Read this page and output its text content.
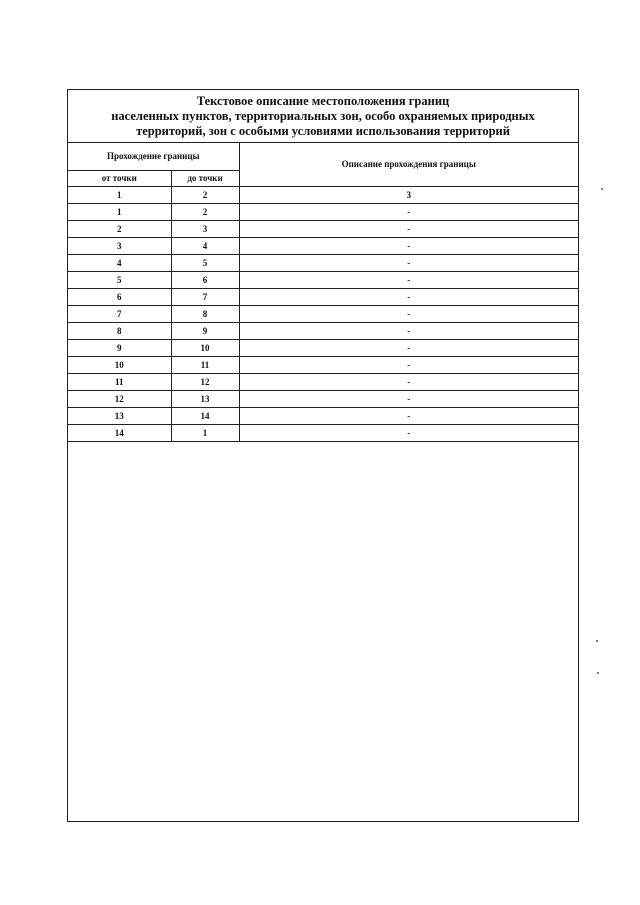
Текстовое описание местоположения границ
населенных пунктов, территориальных зон, особо охраняемых природных
территорий, зон с особыми условиями использования территорий
Прохождение границы		Описание прохождения границы
от точки	до точки	
1	2	3
1	2	-
2	3	-
3	4	-
4	5	-
5	6	-
6	7	-
7	8	-
8	9	-
9	10	-
10	11	-
11	12	-
12	13	-
13	14	-
14	1	-
